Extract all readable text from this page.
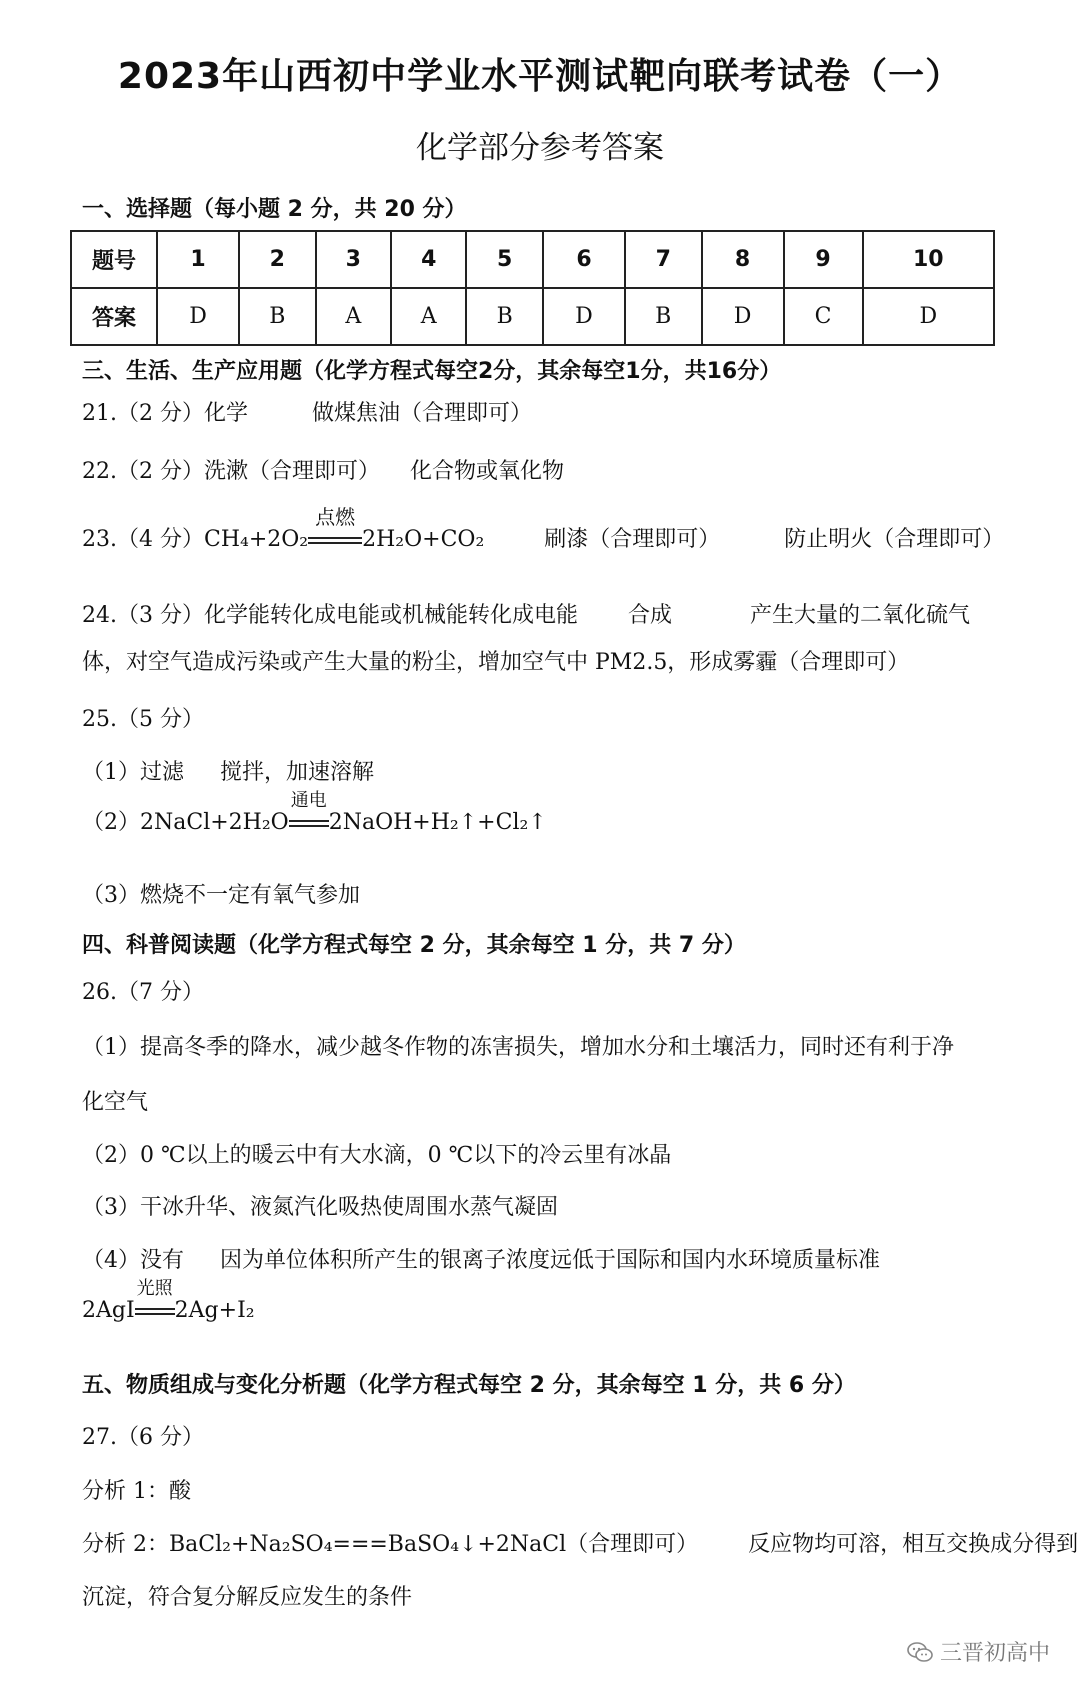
2023年山西初中学业水平测试靶向联考试卷（一）
化学部分参考答案
一、选择题（每小题 2 分，共 20 分）
题号	1	2	3	4	5	6	7	8	9	10
答案	D	B	A	A	B	D	B	D	C	D
三、生活、生产应用题（化学方程式每空2分，其余每空1分，共16分）
21.（2 分）化学	做煤焦油（合理即可）
22.（2 分）洗漱（合理即可） 化合物或氧化物
23.（4 分）CH₄+2O₂
点燃
2H₂O+CO₂	刷漆（合理即可）	防止明火（合理即可）
24.（3 分）化学能转化成电能或机械能转化成电能 合成	产生大量的二氧化硫气
体，对空气造成污染或产生大量的粉尘，增加空气中 PM2.5，形成雾霾（合理即可）
25.（5 分）
（1）过滤 搅拌，加速溶解
（2）2NaCl+2H₂O
通电
2NaOH+H₂↑+Cl₂↑
（3）燃烧不一定有氧气参加
四、科普阅读题（化学方程式每空 2 分，其余每空 1 分，共 7 分）
26.（7 分）
（1）提高冬季的降水，减少越冬作物的冻害损失，增加水分和土壤活力，同时还有利于净
化空气
（2）0 ℃以上的暖云中有大水滴，0 ℃以下的冷云里有冰晶
（3）干冰升华、液氮汽化吸热使周围水蒸气凝固
（4）没有 因为单位体积所产生的银离子浓度远低于国际和国内水环境质量标准
2AgI
光照
2Ag+I₂
五、物质组成与变化分析题（化学方程式每空 2 分，其余每空 1 分，共 6 分）
27.（6 分）
分析 1：酸
分析 2：BaCl₂+Na₂SO₄===BaSO₄↓+2NaCl（合理即可） 反应物均可溶，相互交换成分得到
沉淀，符合复分解反应发生的条件
三晋初高中
